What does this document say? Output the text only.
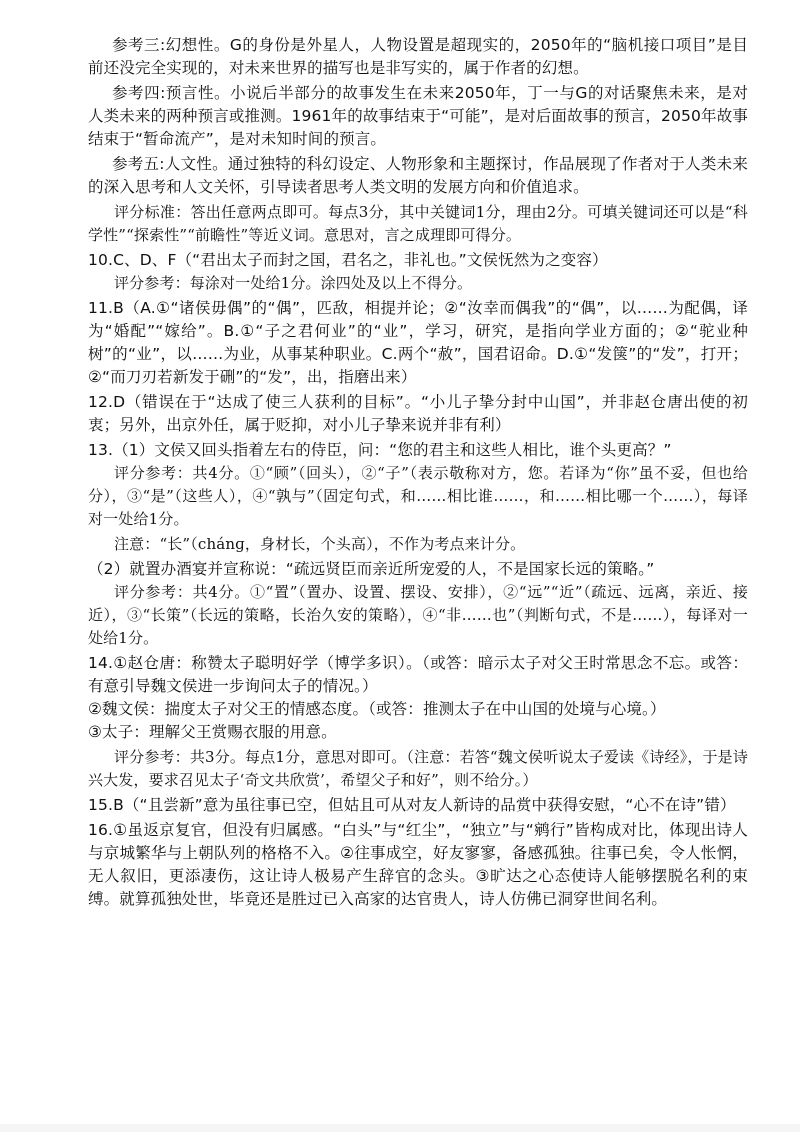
参考三:幻想性。G的身份是外星人，人物设置是超现实的，2050年的“脑机接口项目”是目前还没完全实现的，对未来世界的描写也是非写实的，属于作者的幻想。

参考四:预言性。小说后半部分的故事发生在未来2050年，丁一与G的对话聚焦未来，是对人类未来的两种预言或推测。1961年的故事结束于“可能”，是对后面故事的预言，2050年故事结束于“暂命流产”，是对未知时间的预言。

参考五:人文性。通过独特的科幻设定、人物形象和主题探讨，作品展现了作者对于人类未来的深入思考和人文关怀，引导读者思考人类文明的发展方向和价值追求。

评分标准：答出任意两点即可。每点3分，其中关键词1分，理由2分。可填关键词还可以是“科学性”“探索性”“前瞻性”等近义词。意思对，言之成理即可得分。

10.C、D、F（“君出太子而封之国，君名之，非礼也。”文侯怃然为之变容）

评分参考：每涂对一处给1分。涂四处及以上不得分。

11.B（A.①“诸侯毋偶”的“偶”，匹敌，相提并论；②“汝幸而偶我”的“偶”，以……为配偶，译为“婚配”“嫁给”。B.①“子之君何业”的“业”，学习，研究，是指向学业方面的；②“驼业种树”的“业”，以……为业，从事某种职业。C.两个“赦”，国君诏命。D.①“发箧”的“发”，打开；②“而刀刃若新发于硎”的“发”，出，指磨出来）

12.D（错误在于“达成了使三人获利的目标”。“小儿子挚分封中山国”，并非赵仓唐出使的初衷；另外，出京外任，属于贬抑，对小儿子挚来说并非有利）

13.（1）文侯又回头指着左右的侍臣，问：“您的君主和这些人相比，谁个头更高？”

评分参考：共4分。①“顾”（回头），②“子”（表示敬称对方，您。若译为“你”虽不妥，但也给分），③“是”（这些人），④“孰与”（固定句式，和……相比谁……，和……相比哪一个……），每译对一处给1分。

注意：“长”（chánɡ，身材长，个头高），不作为考点来计分。

（2）就置办酒宴并宣称说：“疏远贤臣而亲近所宠爱的人，不是国家长远的策略。”

评分参考：共4分。①“置”（置办、设置、摆设、安排），②“远”“近”（疏远、远离，亲近、接近），③“长策”（长远的策略，长治久安的策略），④“非……也”（判断句式，不是……），每译对一处给1分。

14.①赵仓唐：称赞太子聪明好学（博学多识）。（或答：暗示太子对父王时常思念不忘。或答：有意引导魏文侯进一步询问太子的情况。）

②魏文侯：揣度太子对父王的情感态度。（或答：推测太子在中山国的处境与心境。）

③太子：理解父王赏赐衣服的用意。

评分参考：共3分。每点1分，意思对即可。（注意：若答“魏文侯听说太子爱读《诗经》，于是诗兴大发，要求召见太子‘奇文共欣赏’，希望父子和好”，则不给分。）

15.B（“且尝新”意为虽往事已空，但姑且可从对友人新诗的品赏中获得安慰，“心不在诗”错）

16.①虽返京复官，但没有归属感。“白头”与“红尘”，“独立”与“鹓行”皆构成对比，体现出诗人与京城繁华与上朝队列的格格不入。②往事成空，好友寥寥，备感孤独。往事已矣，令人怅惘，无人叙旧，更添凄伤，这让诗人极易产生辞官的念头。③旷达之心态使诗人能够摆脱名利的束缚。就算孤独处世，毕竟还是胜过已入高家的达官贵人，诗人仿佛已洞穿世间名利。
